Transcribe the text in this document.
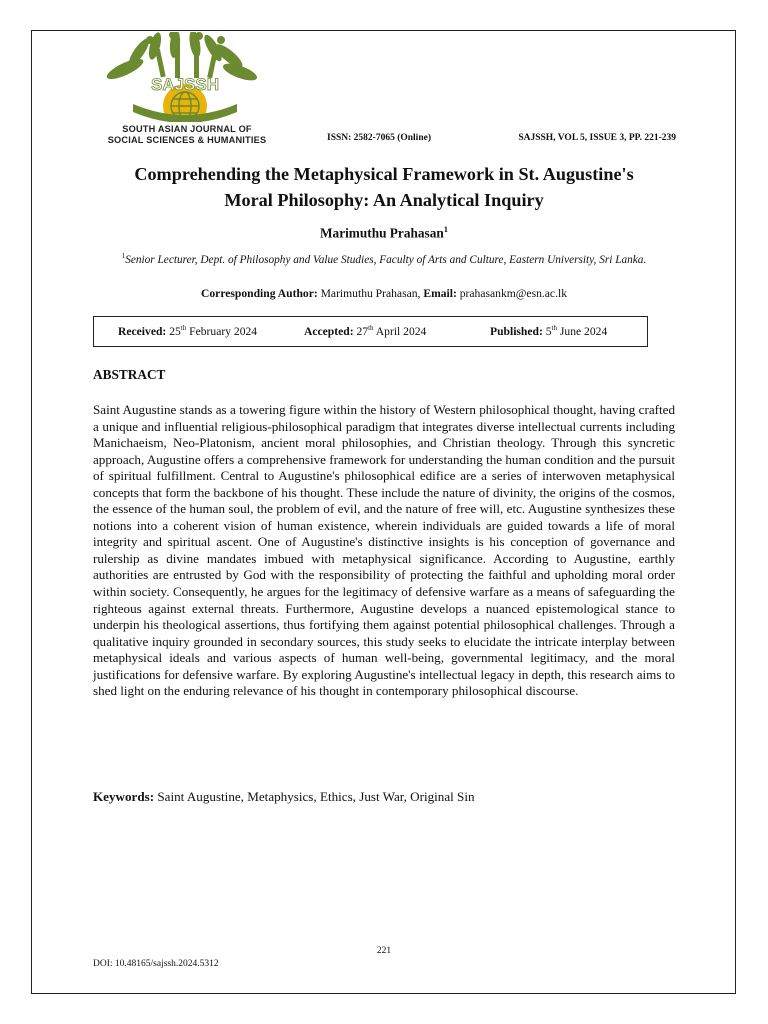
SAJSSH
SOUTH ASIAN JOURNAL OF
SOCIAL SCIENCES & HUMANITIES	ISSN: 2582-7065 (Online)	SAJSSH, VOL 5, ISSUE 3, PP. 221-239
Comprehending the Metaphysical Framework in St. Augustine's
Moral Philosophy: An Analytical Inquiry
Marimuthu Prahasan$^1$
$^1$Senior Lecturer, Dept. of Philosophy and Value Studies, Faculty of Arts and Culture, Eastern University, Sri Lanka.
Corresponding Author: Marimuthu Prahasan, Email: prahasankm@esn.ac.lk
Received: 25th February 2024	Accepted: 27th April 2024	Published: 5th June 2024
ABSTRACT
Saint Augustine stands as a towering figure within the history of Western philosophical thought, having crafted a unique and influential religious-philosophical paradigm that integrates diverse intellectual currents including Manichaeism, Neo-Platonism, ancient moral philosophies, and Christian theology. Through this syncretic approach, Augustine offers a comprehensive framework for understanding the human condition and the pursuit of spiritual fulfillment. Central to Augustine's philosophical edifice are a series of interwoven metaphysical concepts that form the backbone of his thought. These include the nature of divinity, the origins of the cosmos, the essence of the human soul, the problem of evil, and the nature of free will, etc. Augustine synthesizes these notions into a coherent vision of human existence, wherein individuals are guided towards a life of moral integrity and spiritual ascent. One of Augustine's distinctive insights is his conception of governance and rulership as divine mandates imbued with metaphysical significance. According to Augustine, earthly authorities are entrusted by God with the responsibility of protecting the faithful and upholding moral order within society. Consequently, he argues for the legitimacy of defensive warfare as a means of safeguarding the righteous against external threats. Furthermore, Augustine develops a nuanced epistemological stance to underpin his theological assertions, thus fortifying them against potential philosophical challenges. Through a qualitative inquiry grounded in secondary sources, this study seeks to elucidate the intricate interplay between metaphysical ideals and various aspects of human well-being, governmental legitimacy, and the moral justifications for defensive warfare. By exploring Augustine's intellectual legacy in depth, this research aims to shed light on the enduring relevance of his thought in contemporary philosophical discourse.
Keywords: Saint Augustine, Metaphysics, Ethics, Just War, Original Sin
221
DOI: 10.48165/sajssh.2024.5312
